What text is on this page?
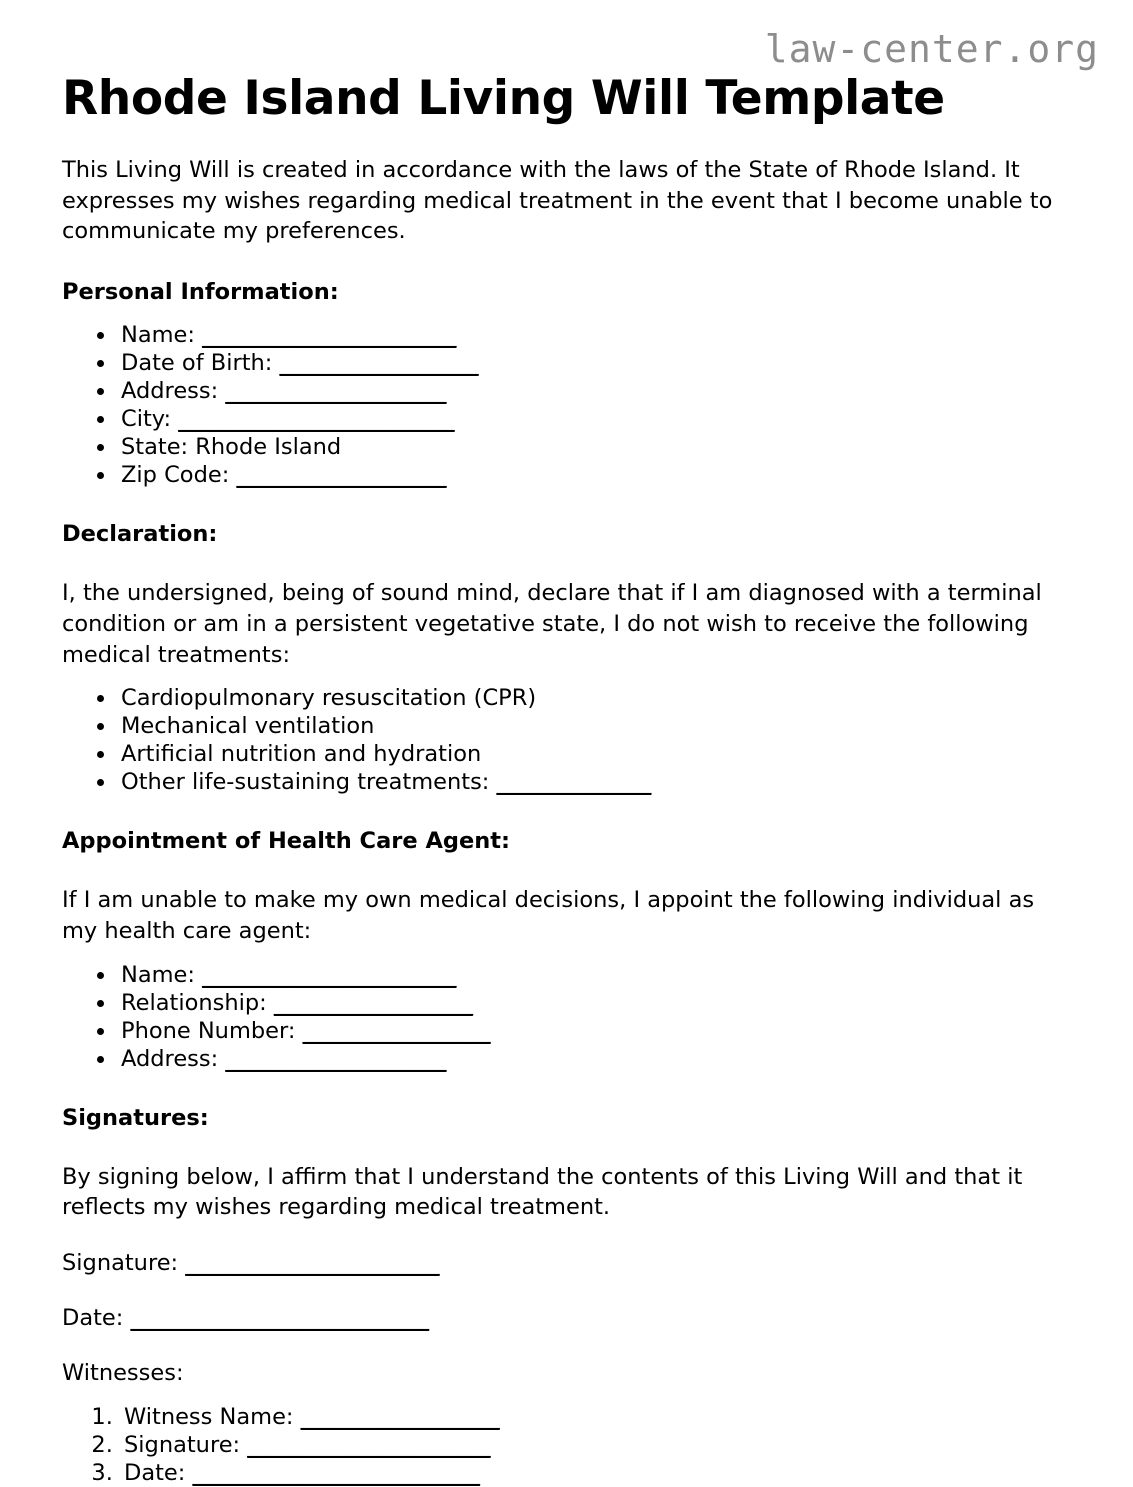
law-center.org
Rhode Island Living Will Template

This Living Will is created in accordance with the laws of the State of Rhode Island. It expresses my wishes regarding medical treatment in the event that I become unable to communicate my preferences.

Personal Information:
• Name: _______________________
• Date of Birth: __________________
• Address: ____________________
• City: _________________________
• State: Rhode Island
• Zip Code: ___________________
Declaration:

I, the undersigned, being of sound mind, declare that if I am diagnosed with a terminal condition or am in a persistent vegetative state, I do not wish to receive the following medical treatments:

• Cardiopulmonary resuscitation (CPR)
• Mechanical ventilation
• Artificial nutrition and hydration
• Other life-sustaining treatments: ______________
Appointment of Health Care Agent:

If I am unable to make my own medical decisions, I appoint the following individual as my health care agent:

• Name: _______________________
• Relationship: __________________
• Phone Number: _________________
• Address: ____________________
Signatures:

By signing below, I affirm that I understand the contents of this Living Will and that it reflects my wishes regarding medical treatment.

Signature: _______________________
Date: ___________________________
Witnesses:
1. Witness Name: __________________
2. Signature: ______________________
3. Date: __________________________
